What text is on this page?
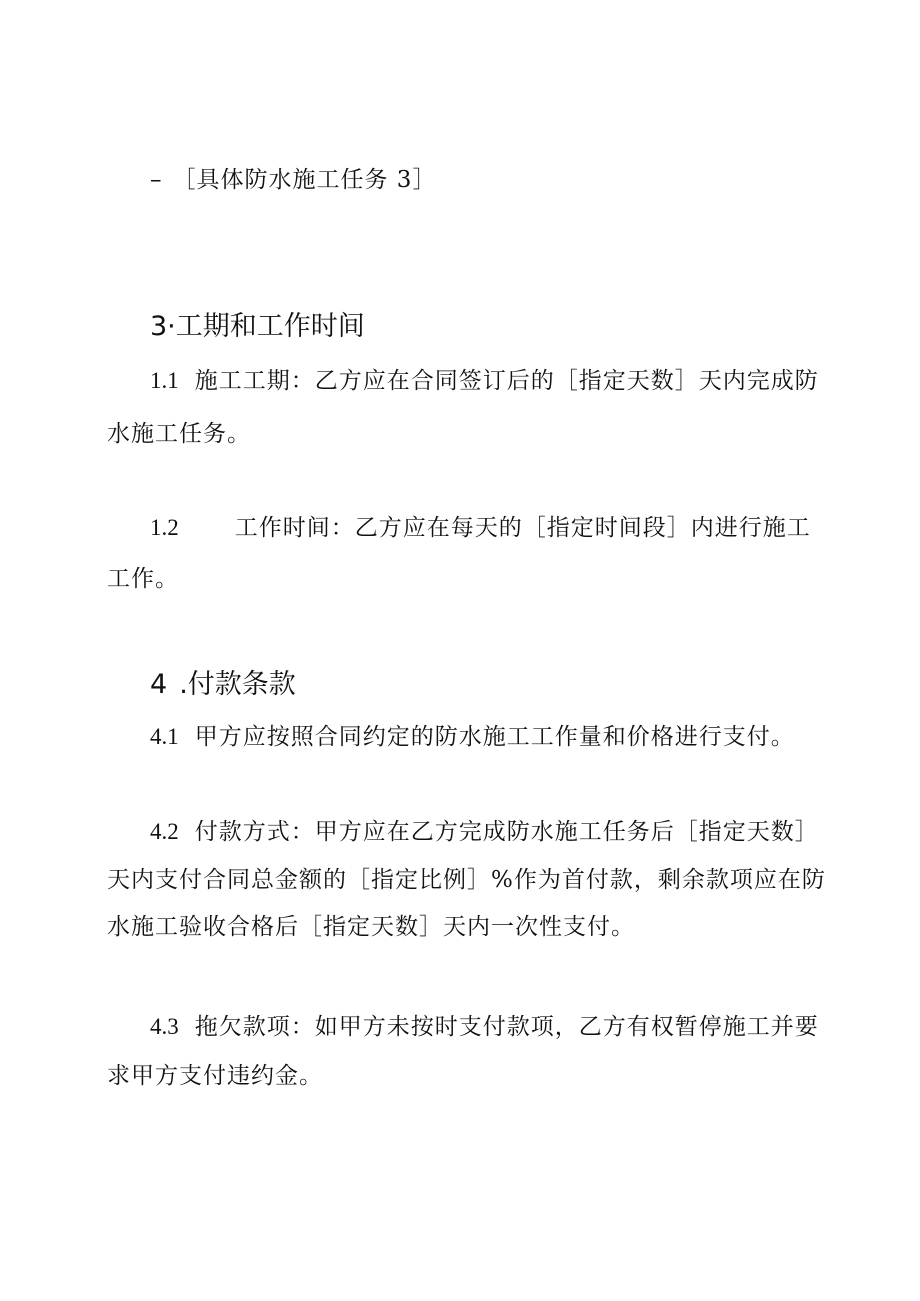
– ［具体防水施工任务 3］
3·工期和工作时间
1.1 施工工期：乙方应在合同签订后的［指定天数］天内完成防
水施工任务。
1.2 工作时间：乙方应在每天的［指定时间段］内进行施工
工作。
4 .付款条款
4.1 甲方应按照合同约定的防水施工工作量和价格进行支付。
4.2 付款方式：甲方应在乙方完成防水施工任务后［指定天数］
天内支付合同总金额的［指定比例］%作为首付款，剩余款项应在防
水施工验收合格后［指定天数］天内一次性支付。
4.3 拖欠款项：如甲方未按时支付款项，乙方有权暂停施工并要
求甲方支付违约金。
